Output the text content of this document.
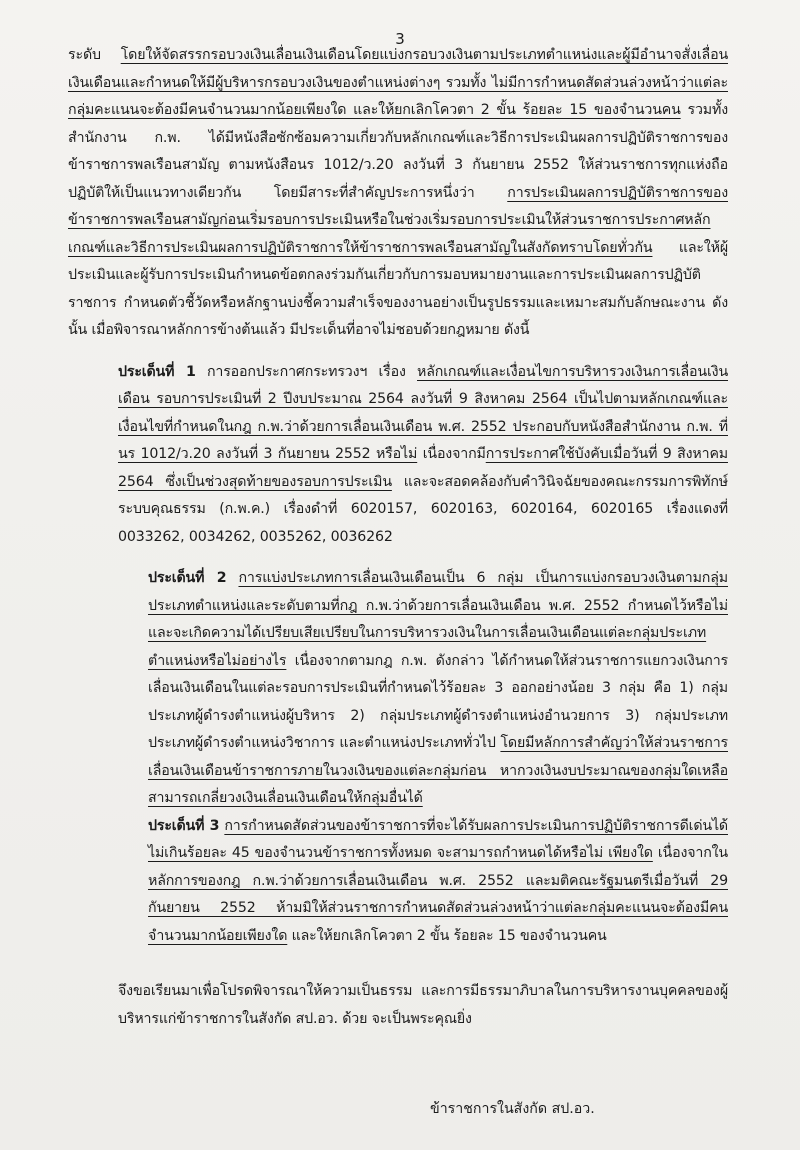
3

ระดับ โดยให้จัดสรรกรอบวงเงินเลื่อนเงินเดือนโดยแบ่งกรอบวงเงินตามประเภทตำแหน่งและผู้มีอำนาจสั่งเลื่อนเงินเดือนและกำหนดให้มีผู้บริหารกรอบวงเงินของตำแหน่งต่างๆ รวมทั้ง ไม่มีการกำหนดสัดส่วนล่วงหน้าว่าแต่ละกลุ่มคะแนนจะต้องมีคนจำนวนมากน้อยเพียงใด และให้ยกเลิกโควตา 2 ขั้น ร้อยละ 15 ของจำนวนคน รวมทั้ง สำนักงาน ก.พ. ได้มีหนังสือซักซ้อมความเกี่ยวกับหลักเกณฑ์และวิธีการประเมินผลการปฏิบัติราชการของข้าราชการพลเรือนสามัญ ตามหนังสือนร 1012/ว.20 ลงวันที่ 3 กันยายน 2552 ให้ส่วนราชการทุกแห่งถือปฏิบัติให้เป็นแนวทางเดียวกัน โดยมีสาระที่สำคัญประการหนึ่งว่า การประเมินผลการปฏิบัติราชการของข้าราชการพลเรือนสามัญก่อนเริ่มรอบการประเมินหรือในช่วงเริ่มรอบการประเมินให้ส่วนราชการประกาศหลักเกณฑ์และวิธีการประเมินผลการปฏิบัติราชการให้ข้าราชการพลเรือนสามัญในสังกัดทราบโดยทั่วกัน และให้ผู้ประเมินและผู้รับการประเมินกำหนดข้อตกลงร่วมกันเกี่ยวกับการมอบหมายงานและการประเมินผลการปฏิบัติราชการ กำหนดตัวชี้วัดหรือหลักฐานบ่งชี้ความสำเร็จของงานอย่างเป็นรูปธรรมและเหมาะสมกับลักษณะงาน ดังนั้น เมื่อพิจารณาหลักการข้างต้นแล้ว มีประเด็นที่อาจไม่ชอบด้วยกฎหมาย ดังนี้

ประเด็นที่ 1 การออกประกาศกระทรวงฯ เรื่อง หลักเกณฑ์และเงื่อนไขการบริหารวงเงินการเลื่อนเงินเดือน รอบการประเมินที่ 2 ปีงบประมาณ 2564 ลงวันที่ 9 สิงหาคม 2564 เป็นไปตามหลักเกณฑ์และเงื่อนไขที่กำหนดในกฎ ก.พ.ว่าด้วยการเลื่อนเงินเดือน พ.ศ. 2552 ประกอบกับหนังสือสำนักงาน ก.พ. ที่ นร 1012/ว.20 ลงวันที่ 3 กันยายน 2552 หรือไม่ เนื่องจากมีการประกาศใช้บังคับเมื่อวันที่ 9 สิงหาคม 2564 ซึ่งเป็นช่วงสุดท้ายของรอบการประเมิน และจะสอดคล้องกับคำวินิจฉัยของคณะกรรมการพิทักษ์ระบบคุณธรรม (ก.พ.ค.) เรื่องดำที่ 6020157, 6020163, 6020164, 6020165 เรื่องแดงที่ 0033262, 0034262, 0035262, 0036262

ประเด็นที่ 2 การแบ่งประเภทการเลื่อนเงินเดือนเป็น 6 กลุ่ม เป็นการแบ่งกรอบวงเงินตามกลุ่มประเภทตำแหน่งและระดับตามที่กฎ ก.พ.ว่าด้วยการเลื่อนเงินเดือน พ.ศ. 2552 กำหนดไว้หรือไม่ และจะเกิดความได้เปรียบเสียเปรียบในการบริหารวงเงินในการเลื่อนเงินเดือนแต่ละกลุ่มประเภทตำแหน่งหรือไม่อย่างไร เนื่องจากตามกฎ ก.พ. ดังกล่าว ได้กำหนดให้ส่วนราชการแยกวงเงินการเลื่อนเงินเดือนในแต่ละรอบการประเมินที่กำหนดไว้ร้อยละ 3 ออกอย่างน้อย 3 กลุ่ม คือ 1) กลุ่มประเภทผู้ดำรงตำแหน่งผู้บริหาร 2) กลุ่มประเภทผู้ดำรงตำแหน่งอำนวยการ 3) กลุ่มประเภทประเภทผู้ดำรงตำแหน่งวิชาการ และตำแหน่งประเภททั่วไป โดยมีหลักการสำคัญว่าให้ส่วนราชการเลื่อนเงินเดือนข้าราชการภายในวงเงินของแต่ละกลุ่มก่อน หากวงเงินงบประมาณของกลุ่มใดเหลือ สามารถเกลี่ยวงเงินเลื่อนเงินเดือนให้กลุ่มอื่นได้

ประเด็นที่ 3 การกำหนดสัดส่วนของข้าราชการที่จะได้รับผลการประเมินการปฏิบัติราชการดีเด่นได้ไม่เกินร้อยละ 45 ของจำนวนข้าราชการทั้งหมด จะสามารถกำหนดได้หรือไม่ เพียงใด เนื่องจากในหลักการของกฎ ก.พ.ว่าด้วยการเลื่อนเงินเดือน พ.ศ. 2552 และมติคณะรัฐมนตรีเมื่อวันที่ 29 กันยายน 2552 ห้ามมิให้ส่วนราชการกำหนดสัดส่วนล่วงหน้าว่าแต่ละกลุ่มคะแนนจะต้องมีคนจำนวนมากน้อยเพียงใด และให้ยกเลิกโควตา 2 ขั้น ร้อยละ 15 ของจำนวนคน

จึงขอเรียนมาเพื่อโปรดพิจารณาให้ความเป็นธรรม และการมีธรรมาภิบาลในการบริหารงานบุคคลของผู้บริหารแก่ข้าราชการในสังกัด สป.อว. ด้วย จะเป็นพระคุณยิ่ง

ข้าราชการในสังกัด สป.อว.
